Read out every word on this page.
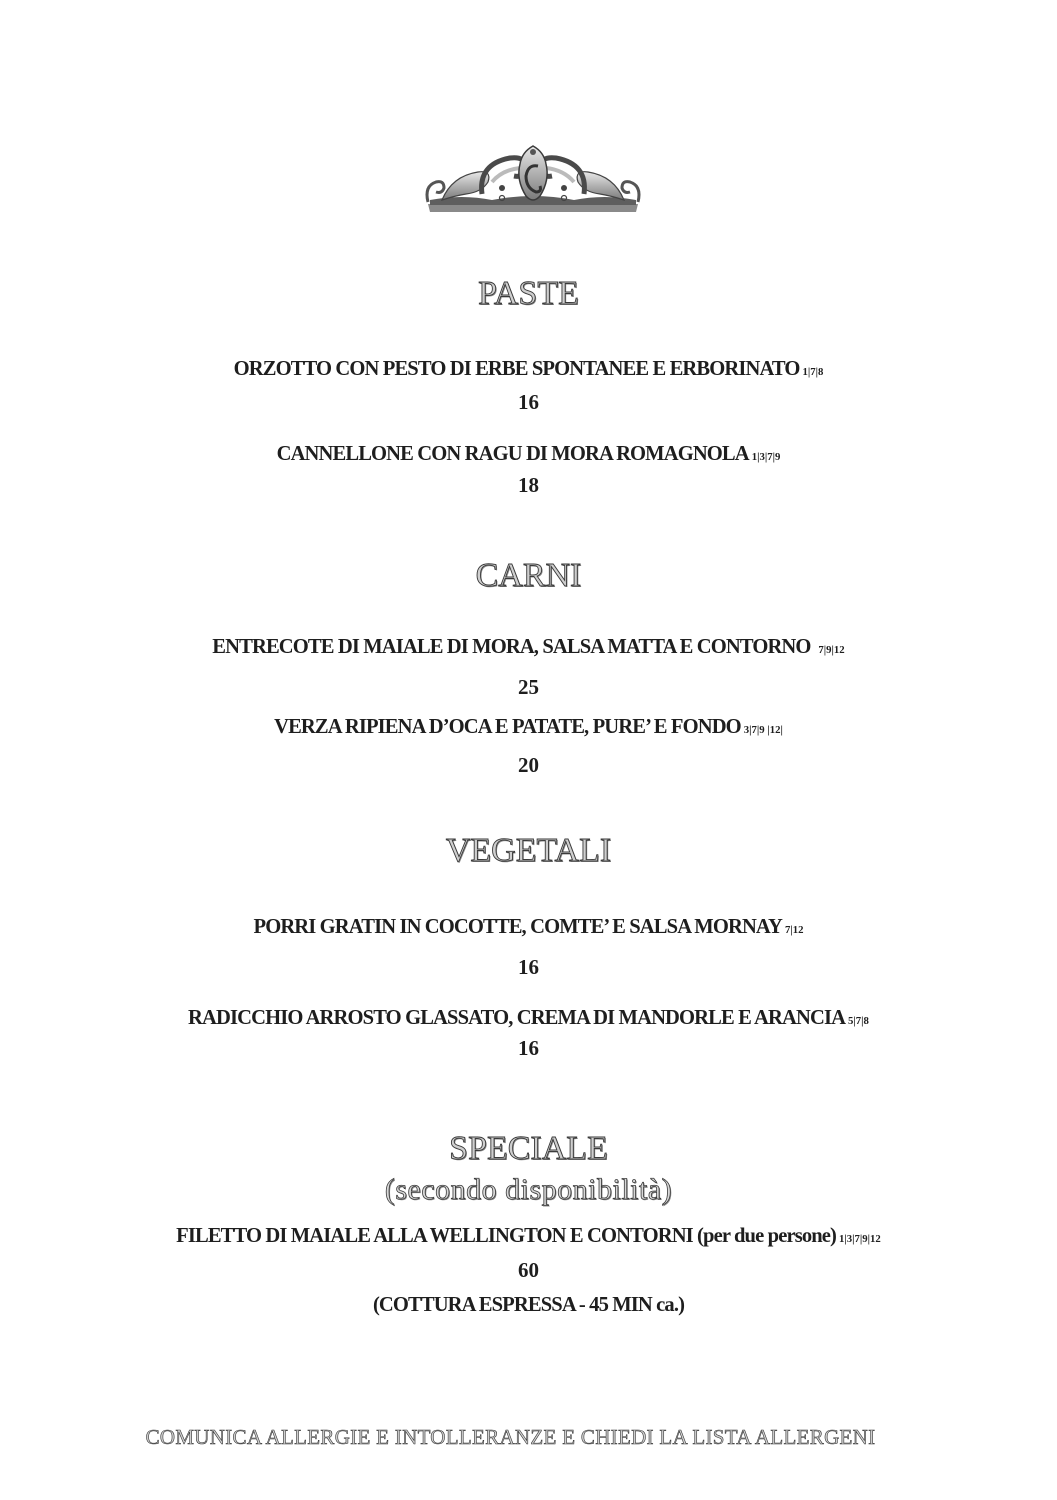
PASTE
ORZOTTO CON PESTO DI ERBE SPONTANEE E ERBORINATO 1|7|8
16
CANNELLONE CON RAGU DI MORA ROMAGNOLA 1|3|7|9
18
CARNI
ENTRECOTE DI MAIALE DI MORA, SALSA MATTA E CONTORNO 7|9|12
25
VERZA RIPIENA D’OCA E PATATE, PURE’ E FONDO 3|7|9 |12|
20
VEGETALI
PORRI GRATIN IN COCOTTE, COMTE’ E SALSA MORNAY 7|12
16
RADICCHIO ARROSTO GLASSATO, CREMA DI MANDORLE E ARANCIA 5|7|8
16
SPECIALE
(secondo disponibilità)
FILETTO DI MAIALE ALLA WELLINGTON E CONTORNI (per due persone) 1|3|7|9|12
60
(COTTURA ESPRESSA - 45 MIN ca.)
COMUNICA ALLERGIE E INTOLLERANZE E CHIEDI LA LISTA ALLERGENI
